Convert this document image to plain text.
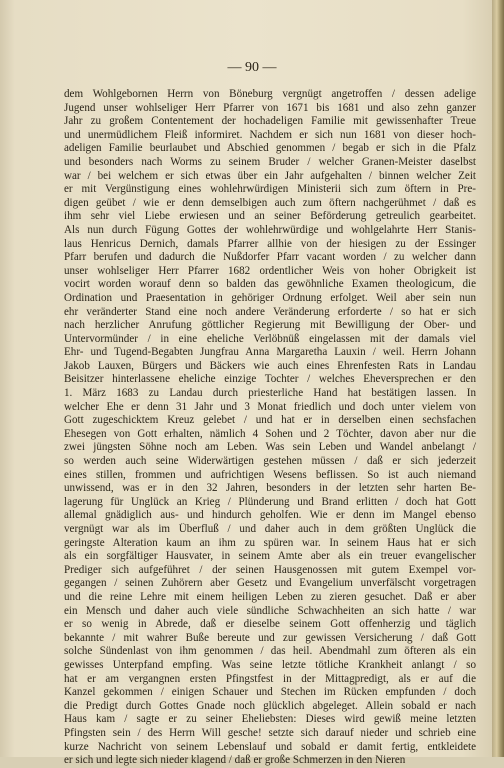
— 90 —
dem Wohlgebornen Herrn von Böneburg vergnügt angetroffen / dessen adelige
Jugend unser wohlseliger Herr Pfarrer von 1671 bis 1681 und also zehn ganzer
Jahr zu großem Contentement der hochadeligen Familie mit gewissenhafter Treue
und unermüdlichem Fleiß informiret. Nachdem er sich nun 1681 von dieser hoch-
adeligen Familie beurlaubet und Abschied genommen / begab er sich in die Pfalz
und besonders nach Worms zu seinem Bruder / welcher Granen-Meister daselbst
war / bei welchem er sich etwas über ein Jahr aufgehalten / binnen welcher Zeit
er mit Vergünstigung eines wohlehrwürdigen Ministerii sich zum öftern in Pre-
digen geübet / wie er denn demselbigen auch zum öftern nachgerühmet / daß es
ihm sehr viel Liebe erwiesen und an seiner Beförderung getreulich gearbeitet.
Als nun durch Fügung Gottes der wohlehrwürdige und wohlgelahrte Herr Stanis-
laus Henricus Dernich, damals Pfarrer allhie von der hiesigen zu der Essinger
Pfarr berufen und dadurch die Nußdorfer Pfarr vacant worden / zu welcher dann
unser wohlseliger Herr Pfarrer 1682 ordentlicher Weis von hoher Obrigkeit ist
vocirt worden worauf denn so balden das gewöhnliche Examen theologicum, die
Ordination und Praesentation in gehöriger Ordnung erfolget. Weil aber sein nun
ehr veränderter Stand eine noch andere Veränderung erforderte / so hat er sich
nach herzlicher Anrufung göttlicher Regierung mit Bewilligung der Ober- und
Untervormünder / in eine eheliche Verlöbnüß eingelassen mit der damals viel
Ehr- und Tugend-Begabten Jungfrau Anna Margaretha Lauxin / weil. Herrn Johann
Jakob Lauxen, Bürgers und Bäckers wie auch eines Ehrenfesten Rats in Landau
Beisitzer hinterlassene eheliche einzige Tochter / welches Eheversprechen er den
1. März 1683 zu Landau durch priesterliche Hand hat bestätigen lassen. In
welcher Ehe er denn 31 Jahr und 3 Monat friedlich und doch unter vielem von
Gott zugeschicktem Kreuz gelebet / und hat er in derselben einen sechsfachen
Ehesegen von Gott erhalten, nämlich 4 Sohen und 2 Töchter, davon aber nur die
zwei jüngsten Söhne noch am Leben. Was sein Leben und Wandel anbelangt /
so werden auch seine Widerwärtigen gestehen müssen / daß er sich jederzeit
eines stillen, frommen und aufrichtigen Wesens beflissen. So ist auch niemand
unwissend, was er in den 32 Jahren, besonders in der letzten sehr harten Be-
lagerung für Unglück an Krieg / Plünderung und Brand erlitten / doch hat Gott
allemal gnädiglich aus- und hindurch geholfen. Wie er denn im Mangel ebenso
vergnügt war als im Überfluß / und daher auch in dem größten Unglück die
geringste Alteration kaum an ihm zu spüren war. In seinem Haus hat er sich
als ein sorgfältiger Hausvater, in seinem Amte aber als ein treuer evangelischer
Prediger sich aufgeführet / der seinen Hausgenossen mit gutem Exempel vor-
gegangen / seinen Zuhörern aber Gesetz und Evangelium unverfälscht vorgetragen
und die reine Lehre mit einem heiligen Leben zu zieren gesuchet. Daß er aber
ein Mensch und daher auch viele sündliche Schwachheiten an sich hatte / war
er so wenig in Abrede, daß er dieselbe seinem Gott offenherzig und täglich
bekannte / mit wahrer Buße bereute und zur gewissen Versicherung / daß Gott
solche Sündenlast von ihm genommen / das heil. Abendmahl zum öfteren als ein
gewisses Unterpfand empfing. Was seine letzte tötliche Krankheit anlangt / so
hat er am vergangnen ersten Pfingstfest in der Mittagpredigt, als er auf die
Kanzel gekommen / einigen Schauer und Stechen im Rücken empfunden / doch
die Predigt durch Gottes Gnade noch glücklich abgeleget. Allein sobald er nach
Haus kam / sagte er zu seiner Eheliebsten: Dieses wird gewiß meine letzten
Pfingsten sein / des Herrn Will gesche! setzte sich darauf nieder und schrieb eine
kurze Nachricht von seinem Lebenslauf und sobald er damit fertig, entkleidete
er sich und legte sich nieder klagend / daß er große Schmerzen in den Nieren
